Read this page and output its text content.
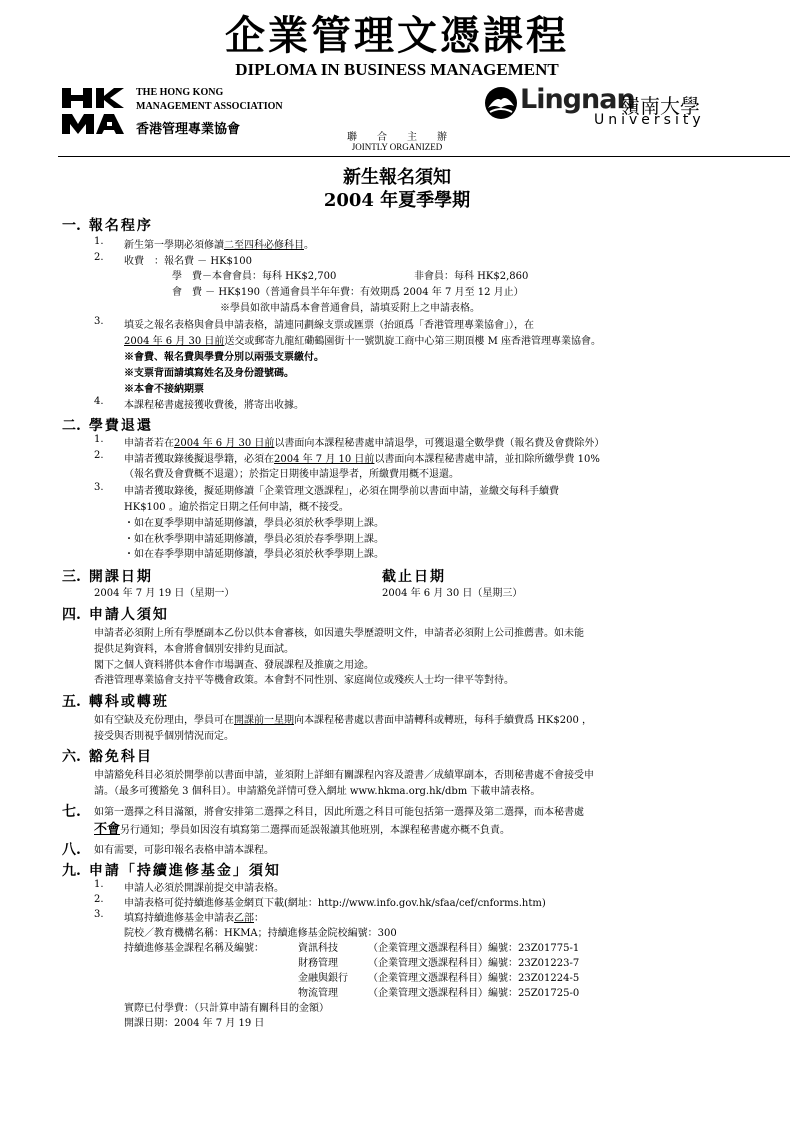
企業管理文憑課程
DIPLOMA IN BUSINESS MANAGEMENT
THE HONG KONG
MANAGEMENT ASSOCIATION
香港管理專業協會
Lingnan
嶺南大學
University
聯 合 主 辦
JOINTLY ORGANIZED
新生報名須知
2004 年夏季學期
一. 報名程序
1. 新生第一學期必須修讀二至四科必修科目。
2. 收費　：報名費 － HK$100
學　費－本會會員：每科 HK$2,700	非會員：每科 HK$2,860
會　費 － HK$190（普通會員半年年費：有效期爲 2004 年 7 月至 12 月止）
※學員如欲申請爲本會普通會員，請填妥附上之申請表格。
3. 填妥之報名表格與會員申請表格，請連同劃線支票或匯票（抬頭爲「香港管理專業協會」），在
2004 年 6 月 30 日前送交或郵寄九龍紅磡鶴園街十一號凱旋工商中心第三期頂樓 M 座香港管理專業協會。
※會費、報名費與學費分別以兩張支票繳付。
※支票背面請填寫姓名及身份證號碼。
※本會不接納期票
4. 本課程秘書處接獲收費後，將寄出收據。
二. 學費退還
1. 申請者若在2004 年 6 月 30 日前以書面向本課程秘書處申請退學，可獲退還全數學費（報名費及會費除外）
2. 申請者獲取錄後擬退學籍，必須在2004 年 7 月 10 日前以書面向本課程秘書處申請，並扣除所繳學費 10%
（報名費及會費概不退還）；於指定日期後申請退學者，所繳費用概不退還。
3. 申請者獲取錄後，擬延期修讀「企業管理文憑課程」，必須在開學前以書面申請，並繳交每科手續費
HK$100 。逾於指定日期之任何申請，概不接受。
・如在夏季學期申請延期修讀，學員必須於秋季學期上課。
・如在秋季學期申請延期修讀，學員必須於春季學期上課。
・如在春季學期申請延期修讀，學員必須於秋季學期上課。
三. 開課日期	截止日期
2004 年 7 月 19 日（星期一）	2004 年 6 月 30 日（星期三）
四. 申請人須知
申請者必須附上所有學歷副本乙份以供本會審核，如因遺失學歷證明文件，申請者必須附上公司推薦書。如未能
提供足夠資料，本會將會個別安排約見面試。
閣下之個人資料將供本會作市場調查、發展課程及推廣之用途。
香港管理專業協會支持平等機會政策。本會對不同性別、家庭崗位或殘疾人士均一律平等對待。
五. 轉科或轉班
如有空缺及充份理由，學員可在開課前一星期向本課程秘書處以書面申請轉科或轉班，每科手續費爲 HK$200 ，
接受與否則視乎個別情況而定。
六. 豁免科目
申請豁免科目必須於開學前以書面申請，並須附上詳細有關課程內容及證書／成績單副本，否則秘書處不會接受申
請。（最多可獲豁免 3 個科目）。申請豁免詳情可登入網址 www.hkma.org.hk/dbm 下載申請表格。
七. 如第一選擇之科目滿額，將會安排第二選擇之科目，因此所選之科目可能包括第一選擇及第二選擇，而本秘書處
不會另行通知；學員如因沒有填寫第二選擇而延誤報讀其他班別，本課程秘書處亦概不負責。
八. 如有需要，可影印報名表格申請本課程。
九. 申請「持續進修基金」須知
1. 申請人必須於開課前提交申請表格。
2. 申請表格可從持續進修基金網頁下載(網址：http://www.info.gov.hk/sfaa/cef/cnforms.htm)
3. 填寫持續進修基金申請表乙部：
院校／教育機構名稱：HKMA；持續進修基金院校編號：300
持續進修基金課程名稱及編號：	資訊科技	（企業管理文憑課程科目）編號：23Z01775-1
財務管理	（企業管理文憑課程科目）編號：23Z01223-7
金融與銀行 （企業管理文憑課程科目）編號：23Z01224-5
物流管理	（企業管理文憑課程科目）編號：25Z01725-0
實際已付學費：（只計算申請有關科目的金額）
開課日期：2004 年 7 月 19 日
